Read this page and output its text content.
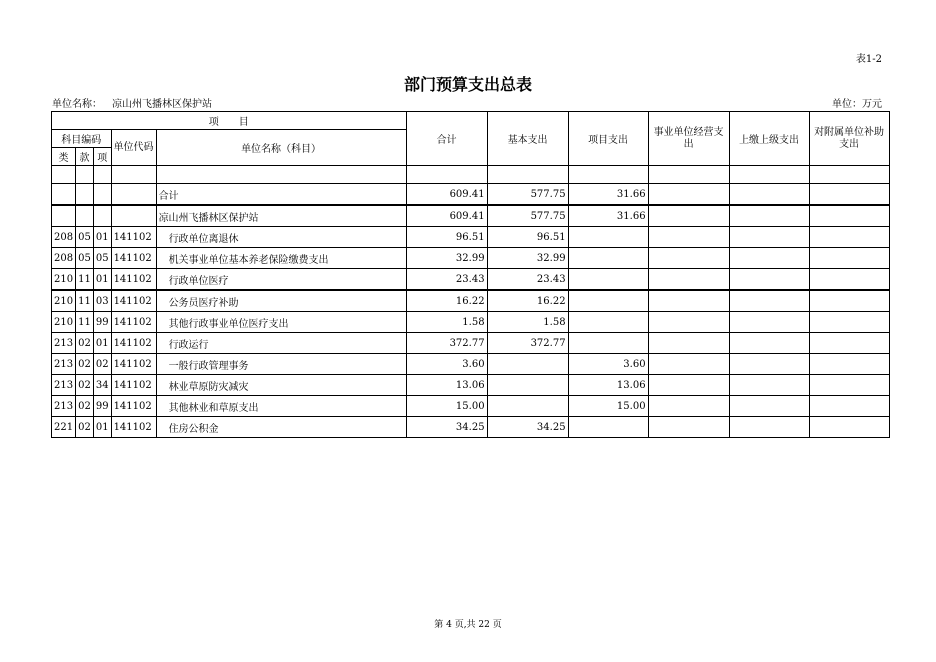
表1-2
部门预算支出总表
单位名称： 凉山州飞播林区保护站	单位：万元
项　　目					合计	基本支出	项目支出	事业单位经营支出	上缴上级支出	对附属单位补助支出
科目编码			单位代码	单位名称（科目）						
类	款	项								

				合计	609.41	577.75	31.66			
				凉山州飞播林区保护站	609.41	577.75	31.66			
208	05	01	141102	行政单位离退休	96.51	96.51				
208	05	05	141102	机关事业单位基本养老保险缴费支出	32.99	32.99				
210	11	01	141102	行政单位医疗	23.43	23.43				
210	11	03	141102	公务员医疗补助	16.22	16.22				
210	11	99	141102	其他行政事业单位医疗支出	1.58	1.58				
213	02	01	141102	行政运行	372.77	372.77				
213	02	02	141102	一般行政管理事务	3.60		3.60			
213	02	34	141102	林业草原防灾减灾	13.06		13.06			
213	02	99	141102	其他林业和草原支出	15.00		15.00			
221	02	01	141102	住房公积金	34.25	34.25				
第 4 页,共 22 页
